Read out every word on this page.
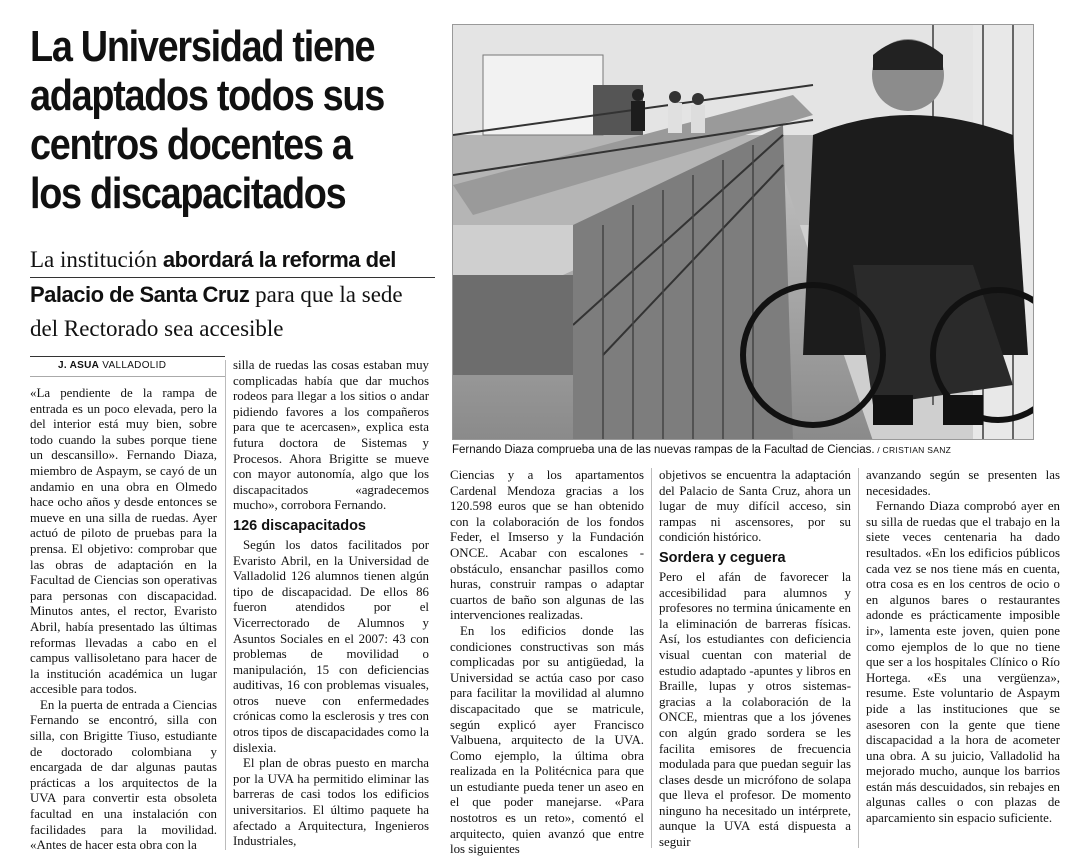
La Universidad tiene
adaptados todos sus
centros docentes a
los discapacitados
La institución abordará la reforma del
Palacio de Santa Cruz para que la sede
del Rectorado sea accesible
J. ASUA VALLADOLID

«La pendiente de la rampa de entrada es un poco elevada, pero la del interior está muy bien, sobre todo cuando la subes porque tiene un descansillo». Fernando Diaza, miembro de Aspaym, se cayó de un andamio en una obra en Olmedo hace ocho años y desde entonces se mueve en una silla de ruedas. Ayer actuó de piloto de pruebas para la prensa. El objetivo: comprobar que las obras de adaptación en la Facultad de Ciencias son operativas para personas con discapacidad. Minutos antes, el rector, Evaristo Abril, había presentado las últimas reformas llevadas a cabo en el campus vallisoletano para hacer de la institución académica un lugar accesible para todos.

En la puerta de entrada a Ciencias Fernando se encontró, silla con silla, con Brigitte Tiuso, estudiante de doctorado colombiana y encargada de dar algunas pautas prácticas a los arquitectos de la UVA para convertir esta obsoleta facultad en una instalación con facilidades para la movilidad. «Antes de hacer esta obra con la

silla de ruedas las cosas estaban muy complicadas había que dar muchos rodeos para llegar a los sitios o andar pidiendo favores a los compañeros para que te acercasen», explica esta futura doctora de Sistemas y Procesos. Ahora Brigitte se mueve con mayor autonomía, algo que los discapacitados «agradecemos mucho», corrobora Fernando.

126 discapacitados

Según los datos facilitados por Evaristo Abril, en la Universidad de Valladolid 126 alumnos tienen algún tipo de discapacidad. De ellos 86 fueron atendidos por el Vicerrectorado de Alumnos y Asuntos Sociales en el 2007: 43 con problemas de movilidad o manipulación, 15 con deficiencias auditivas, 16 con problemas visuales, otros nueve con enfermedades crónicas como la esclerosis y tres con otros tipos de discapacidades como la dislexia.

El plan de obras puesto en marcha por la UVA ha permitido eliminar las barreras de casi todos los edificios universitarios. El último paquete ha afectado a Arquitectura, Ingenieros Industriales,

Fernando Diaza comprueba una de las nuevas rampas de la Facultad de Ciencias. / CRISTIAN SANZ

Ciencias y a los apartamentos Cardenal Mendoza gracias a los 120.598 euros que se han obtenido con la colaboración de los fondos Feder, el Imserso y la Fundación ONCE. Acabar con escalones -obstáculo, ensanchar pasillos como huras, construir rampas o adaptar cuartos de baño son algunas de las intervenciones realizadas.

En los edificios donde las condiciones constructivas son más complicadas por su antigüedad, la Universidad se actúa caso por caso para facilitar la movilidad al alumno discapacitado que se matricule, según explicó ayer Francisco Valbuena, arquitecto de la UVA. Como ejemplo, la última obra realizada en la Politécnica para que un estudiante pueda tener un aseo en el que poder manejarse. «Para nostotros es un reto», comentó el arquitecto, quien avanzó que entre los siguientes

objetivos se encuentra la adaptación del Palacio de Santa Cruz, ahora un lugar de muy difícil acceso, sin rampas ni ascensores, por su condición histórico.

Sordera y ceguera

Pero el afán de favorecer la accesibilidad para alumnos y profesores no termina únicamente en la eliminación de barreras físicas. Así, los estudiantes con deficiencia visual cuentan con material de estudio adaptado -apuntes y libros en Braille, lupas y otros sistemas- gracias a la colaboración de la ONCE, mientras que a los jóvenes con algún grado sordera se les facilita emisores de frecuencia modulada para que puedan seguir las clases desde un micrófono de solapa que lleva el profesor. De momento ninguno ha necesitado un intérprete, aunque la UVA está dispuesta a seguir

avanzando según se presenten las necesidades.

Fernando Diaza comprobó ayer en su silla de ruedas que el trabajo en la siete veces centenaria ha dado resultados. «En los edificios públicos cada vez se nos tiene más en cuenta, otra cosa es en los centros de ocio o en algunos bares o restaurantes adonde es prácticamente imposible ir», lamenta este joven, quien pone como ejemplos de lo que no tiene que ser a los hospitales Clínico o Río Hortega. «Es una vergüenza», resume. Este voluntario de Aspaym pide a las instituciones que se asesoren con la gente que tiene discapacidad a la hora de acometer una obra. A su juicio, Valladolid ha mejorado mucho, aunque los barrios están más descuidados, sin rebajes en algunas calles o con plazas de aparcamiento sin espacio suficiente.
